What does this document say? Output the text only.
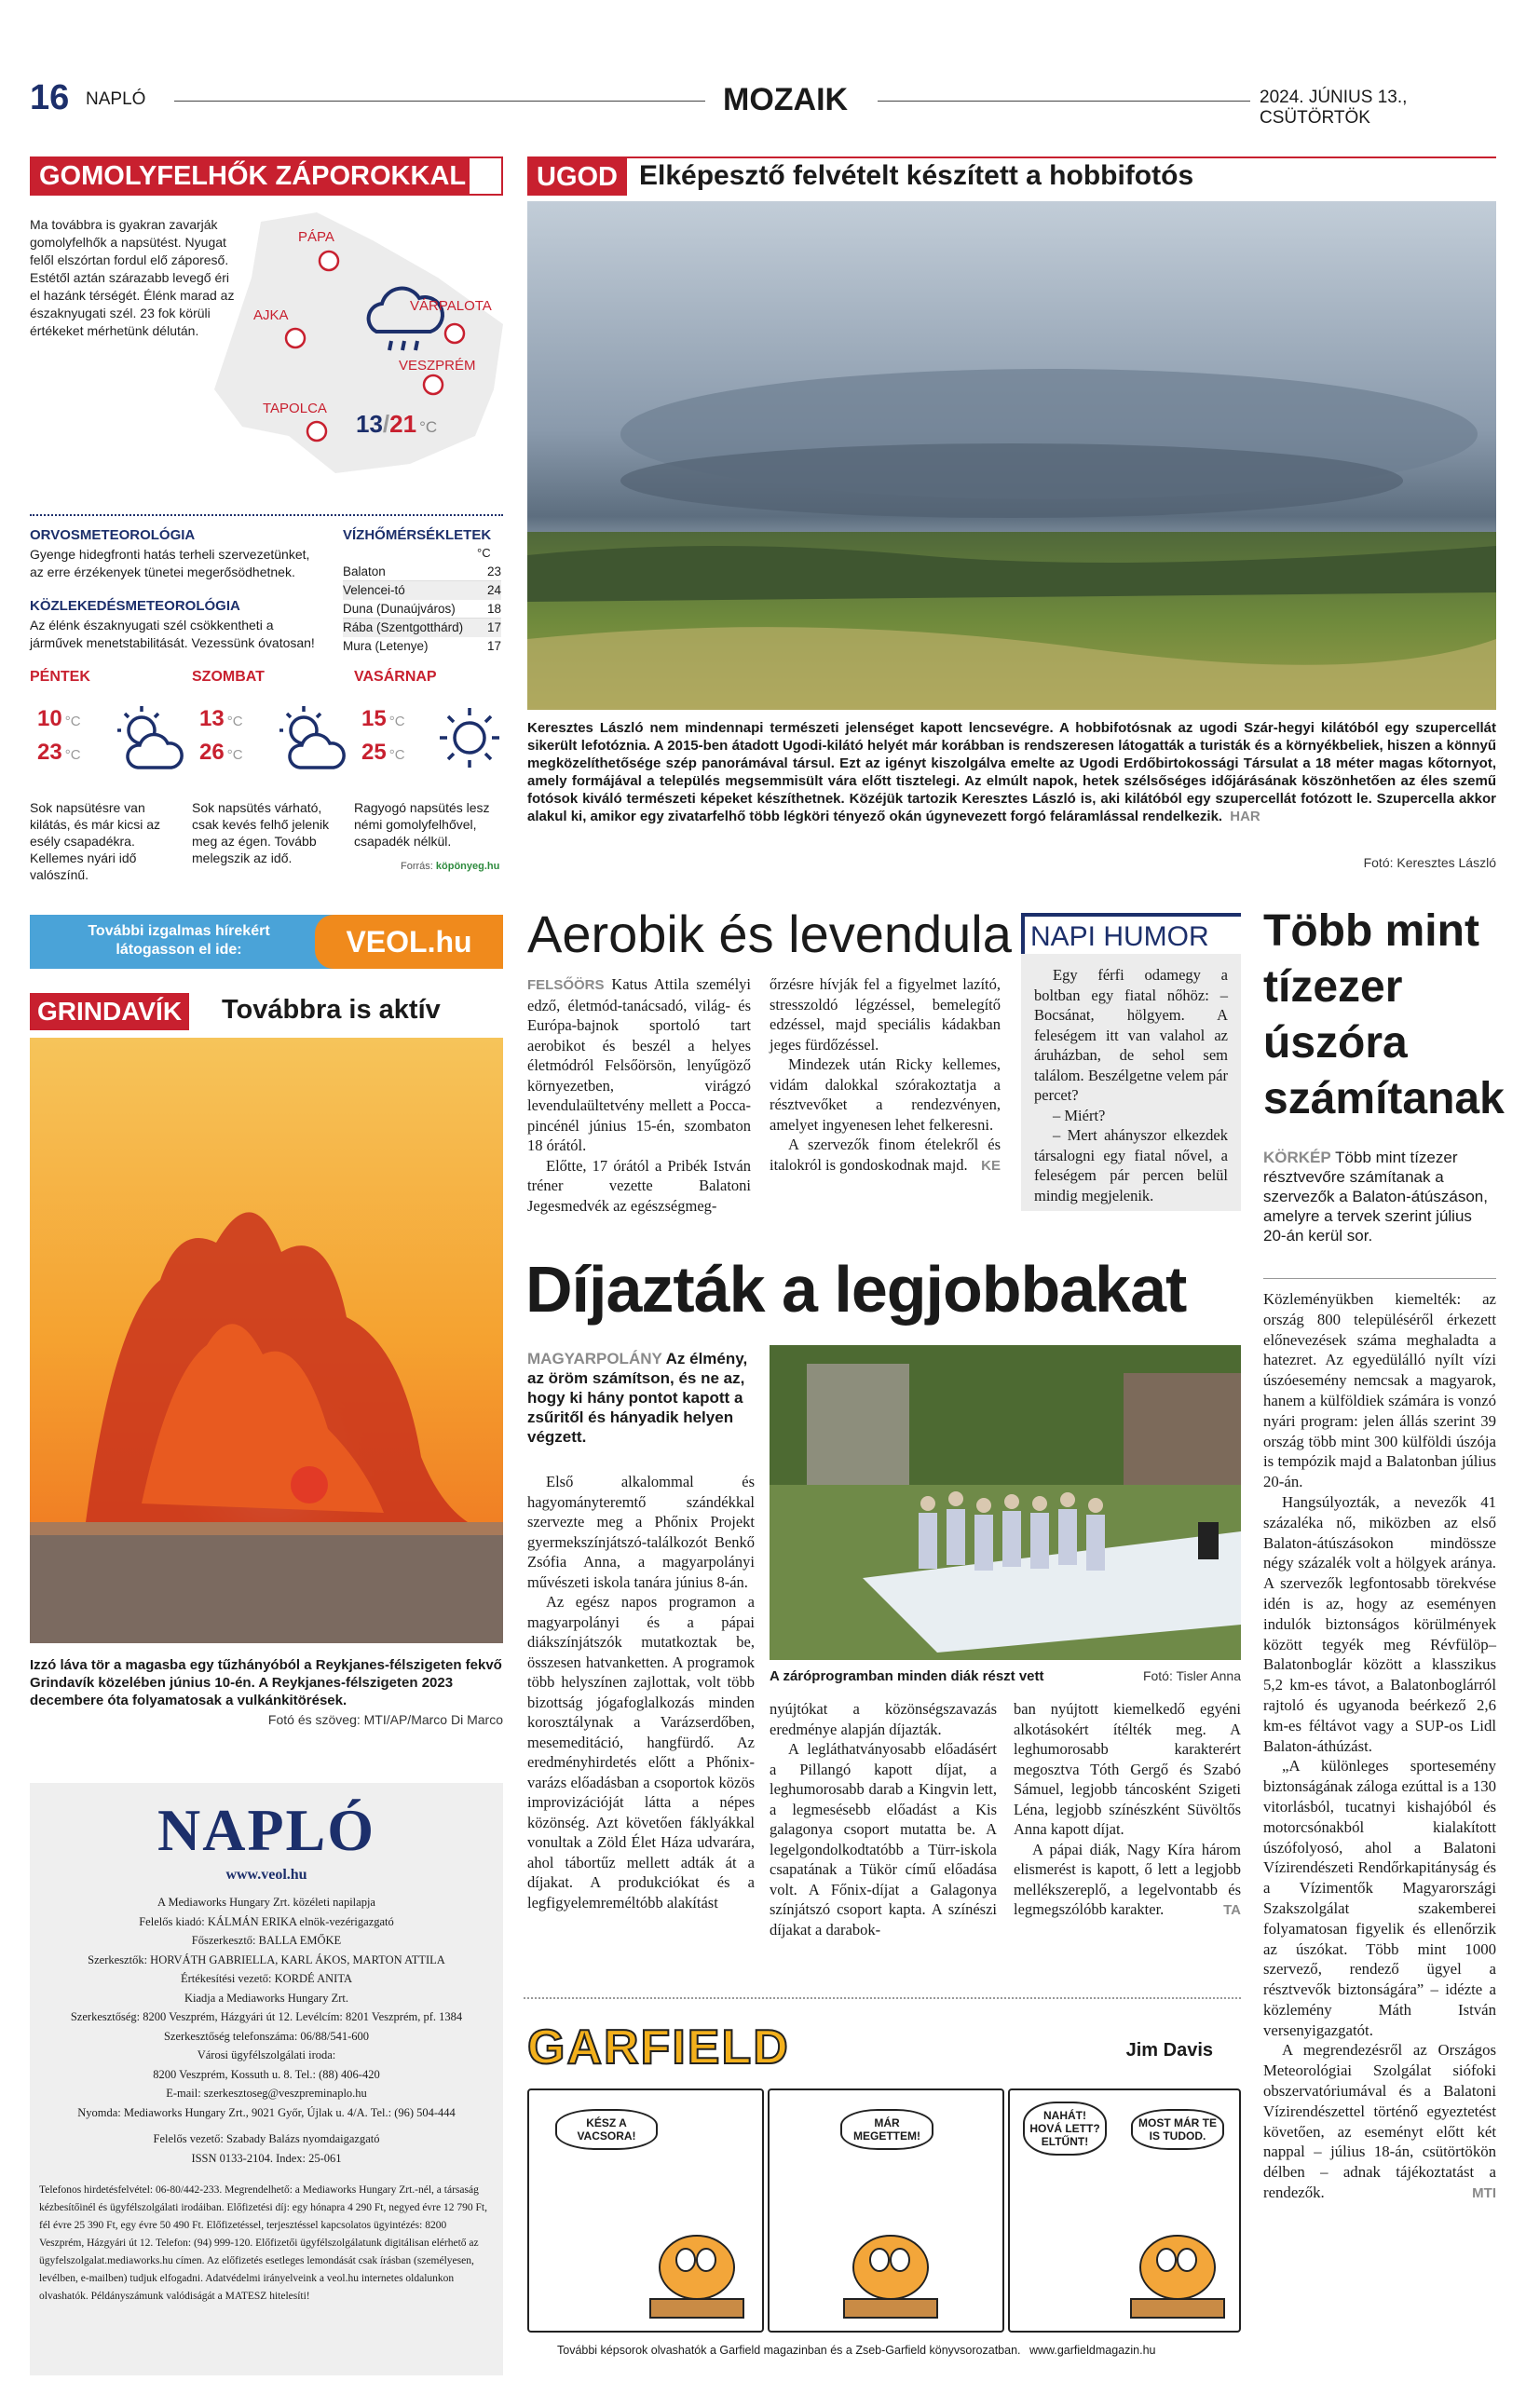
16 NAPLÓ	MOZAIK	2024. JÚNIUS 13., CSÜTÖRTÖK
GOMOLYFELHŐK ZÁPOROKKAL
Ma továbbra is gyakran zavarják gomolyfelhők a napsütést. Nyugat felől elszórtan fordul elő záporeső. Estétől aztán szárazabb levegő éri el hazánk térségét. Élénk marad az északnyugati szél. 23 fok körüli értékeket mérhetünk délután.
PÁPA
AJKA
VÁRPALOTA
VESZPRÉM
TAPOLCA
13/21 °C
ORVOSMETEOROLÓGIA
Gyenge hidegfronti hatás terheli szervezetünket, az erre érzékenyek tünetei megerősödhetnek.
KÖZLEKEDÉSMETEOROLÓGIA
Az élénk északnyugati szél csökkentheti a járművek menetstabilitását. Vezessünk óvatosan!
VÍZHŐMÉRSÉKLETEK
°C
Balaton	23
Velencei-tó	24
Duna (Dunaújváros)	18
Rába (Szentgotthárd) 17
Mura (Letenye)	17
PÉNTEK
10 °C
23 °C
Sok napsütésre van kilátás, és már kicsi az esély csapadékra. Kellemes nyári idő valószínű.
SZOMBAT
13 °C
26 °C
Sok napsütés várható, csak kevés felhő jelenik meg az égen. Tovább melegszik az idő.
VASÁRNAP
15 °C
25 °C
Ragyogó napsütés lesz némi gomolyfelhővel, csapadék nélkül.
Forrás: köpönyeg.hu
UGOD Elképesztő felvételt készített a hobbifotós
Keresztes László nem mindennapi természeti jelenséget kapott lencsevégre. A hobbifotósnak az ugodi Szár-hegyi kilátóból egy szupercellát sikerült lefotóznia. A 2015-ben átadott Ugodi-kilátó helyét már korábban is rendszeresen látogatták a turisták és a környékbeliek, hiszen a könnyű megközelíthetősége szép panorámával társul. Ezt az igényt kiszolgálva emelte az Ugodi Erdőbirtokossági Társulat a 18 méter magas kőtornyot, amely formájával a település megsemmisült vára előtt tisztelegi. Az elmúlt napok, hetek szélsőséges időjárásának köszönhetően az éles szemű fotósok kiváló természeti képeket készíthetnek. Közéjük tartozik Keresztes László is, aki kilátóból egy szupercellát fotózott le. Szupercella akkor alakul ki, amikor egy zivatarfelhő több légköri tényező okán úgynevezett forgó feláramlással rendelkezik. HAR
Fotó: Keresztes László
További izgalmas hírekért látogasson el ide:	VEOL.hu
GRINDAVÍK Továbbra is aktív
Izzó láva tör a magasba egy tűzhányóból a Reykjanes-félszigeten fekvő Grindavík közelében június 10-én. A Reykjanes-félszigeten 2023 decembere óta folyamatosak a vulkánkitörések.
Fotó és szöveg: MTI/AP/Marco Di Marco
NAPLÓ
www.veol.hu
A Mediaworks Hungary Zrt. közéleti napilapja
Felelős kiadó: KÁLMÁN ERIKA elnök-vezérigazgató
Főszerkesztő: BALLA EMŐKE
Szerkesztők: HORVÁTH GABRIELLA, KARL ÁKOS, MARTON ATTILA
Értékesítési vezető: KORDÉ ANITA
Kiadja a Mediaworks Hungary Zrt.
Szerkesztőség: 8200 Veszprém, Házgyári út 12. Levélcím: 8201 Veszprém, pf. 1384
Szerkesztőség telefonszáma: 06/88/541-600
Városi ügyfélszolgálati iroda:
8200 Veszprém, Kossuth u. 8. Tel.: (88) 406-420
E-mail: szerkesztoseg@veszpreminaplo.hu
Nyomda: Mediaworks Hungary Zrt., 9021 Győr, Újlak u. 4/A. Tel.: (96) 504-444
Felelős vezető: Szabady Balázs nyomdaigazgató
ISSN 0133-2104. Index: 25-061
Telefonos hirdetésfelvétel: 06-80/442-233. Megrendelhető: a Mediaworks Hungary Zrt.-nél, a társaság kézbesítőinél és ügyfélszolgálati irodáiban. Előfizetési díj: egy hónapra 4 290 Ft, negyed évre 12 790 Ft, fél évre 25 390 Ft, egy évre 50 490 Ft. Előfizetéssel, terjesztéssel kapcsolatos ügyintézés: 8200 Veszprém, Házgyári út 12. Telefon: (94) 999-120. Előfizetői ügyfélszolgálatunk digitálisan elérhető az ügyfelszolgalat.mediaworks.hu címen. Az előfizetés esetleges lemondását csak írásban (személyesen, levélben, e-mailben) tudjuk elfogadni. Adatvédelmi irányelveink a veol.hu internetes oldalunkon olvashatók. Példányszámunk valódiságát a MATESZ hitelesíti!
Aerobik és levendula

FELSŐÖRS Katus Attila személyi edző, életmód-tanácsadó, világ- és Európa-bajnok sportoló tart aerobikot és beszél a helyes életmódról Felsőörsön, lenyűgöző környezetben, virágzó levendulaültetvény mellett a Pocca-pincénél június 15-én, szombaton 18 órától.

Előtte, 17 órától a Pribék István tréner vezette Balatoni Jegesmedvék az egészségmeg-

őrzésre hívják fel a figyelmet lazító, stresszoldó légzéssel, bemelegítő edzéssel, majd speciális kádakban jeges fürdőzéssel.

Mindezek után Ricky kellemes, vidám dalokkal szórakoztatja a résztvevőket a rendezvényen, amelyet ingyenesen lehet felkeresni.

A szervezők finom ételekről és italokról is gondoskodnak majd. KE
NAPI HUMOR

Egy férfi odamegy a boltban egy fiatal nőhöz: – Bocsánat, hölgyem. A feleségem itt van valahol az áruházban, de sehol sem találom. Beszélgetne velem pár percet?

– Miért?

– Mert ahányszor elkezdek társalogni egy fiatal nővel, a feleségem pár percen belül mindig megjelenik.

Több mint tízezer úszóra számítanak
KÖRKÉP Több mint tízezer résztvevőre számítanak a szervezők a Balaton-átúszáson, amelyre a tervek szerint július 20-án kerül sor.

Közleményükben kiemelték: az ország 800 településéről érkezett előnevezések száma meghaladta a hatezret. Az egyedülálló nyílt vízi úszóesemény nemcsak a magyarok, hanem a külföldiek számára is vonzó nyári program: jelen állás szerint 39 ország több mint 300 külföldi úszója is tempózik majd a Balatonban július 20-án.

Hangsúlyozták, a nevezők 41 százaléka nő, miközben az első Balaton-átúszásokon mindössze négy százalék volt a hölgyek aránya. A szervezők legfontosabb törekvése idén is az, hogy az eseményen indulók biztonságos körülmények között tegyék meg Révfülöp–Balatonboglár között a klasszikus 5,2 km-es távot, a Balatonboglárról rajtoló és ugyanoda beérkező 2,6 km-es féltávot vagy a SUP-os Lidl Balaton-áthúzást.

„A különleges sportesemény biztonságának záloga ezúttal is a 130 vitorlásból, tucatnyi kishajóból és motorcsónakból kialakított úszófolyosó, ahol a Balatoni Vízirendészeti Rendőrkapitányság és a Vízimentők Magyarországi Szakszolgálat szakemberei folyamatosan figyelik és ellenőrzik az úszókat. Több mint 1000 szervező, rendező ügyel a résztvevők biztonságára” – idézte a közlemény Máth István versenyigazgatót.

A megrendezésről az Országos Meteorológiai Szolgálat siófoki obszervatóriumával és a Balatoni Vízirendészettel történő egyeztetést követően, az eseményt előtt két nappal – július 18-án, csütörtökön délben – adnak tájékoztatást a rendezők.	MTI
Díjazták a legjobbakat
MAGYARPOLÁNY Az élmény, az öröm számítson, és ne az, hogy ki hány pontot kapott a zsűritől és hányadik helyen végzett.

Első alkalommal és hagyományteremtő szándékkal szervezte meg a Phőnix Projekt gyermekszínjátszó-találkozót Benkő Zsófia Anna, a magyarpolányi művészeti iskola tanára június 8-án.

Az egész napos programon a magyarpolányi és a pápai diákszínjátszók mutatkoztak be, összesen hatvanketten. A programok több helyszínen zajlottak, volt több bizottság jógafoglalkozás minden korosztálynak a Varázserdőben, mesemeditáció, hangfürdő. Az eredményhirdetés előtt a Phőnix-varázs előadásban a csoportok közös improvizációját látta a népes közönség. Azt követően fáklyákkal vonultak a Zöld Élet Háza udvarára, ahol tábortűz mellett adták át a díjakat. A produkciókat és a legfigyelemreméltóbb alakítást

A záróprogramban minden diák részt vett	Fotó: Tisler Anna

nyújtókat a közönségszavazás eredménye alapján díjazták.

A legláthatványosabb előadásért a Pillangó kapott díjat, a leghumorosabb darab a Kingvin lett, a legmesésebb előadást a Kis galagonya csoport mutatta be. A legelgondolkodtatóbb a Türr-iskola csapatának a Tükör című előadása volt. A Főnix-díjat a Galagonya színjátszó csoport kapta. A színészi díjakat a darabok-

ban nyújtott kiemelkedő egyéni alkotásokért ítélték meg. A leghumorosabb karakterért megosztva Tóth Gergő és Szabó Sámuel, legjobb táncosként Szigeti Léna, legjobb színészként Süvöltős Anna kapott díjat.

A pápai diák, Nagy Kíra három elismerést is kapott, ő lett a legjobb mellékszereplő, a legelvontabb és legmegszólóbb karakter.	TA
GARFIELD	Jim Davis
KÉSZ A VACSORA!
MÁR MEGETTEM!
NAHÁT! HOVÁ LETT? ELTŰNT!
MOST MÁR TE IS TUDOD.
További képsorok olvashatók a Garfield magazinban és a Zseb-Garfield könyvsorozatban. www.garfieldmagazin.hu
